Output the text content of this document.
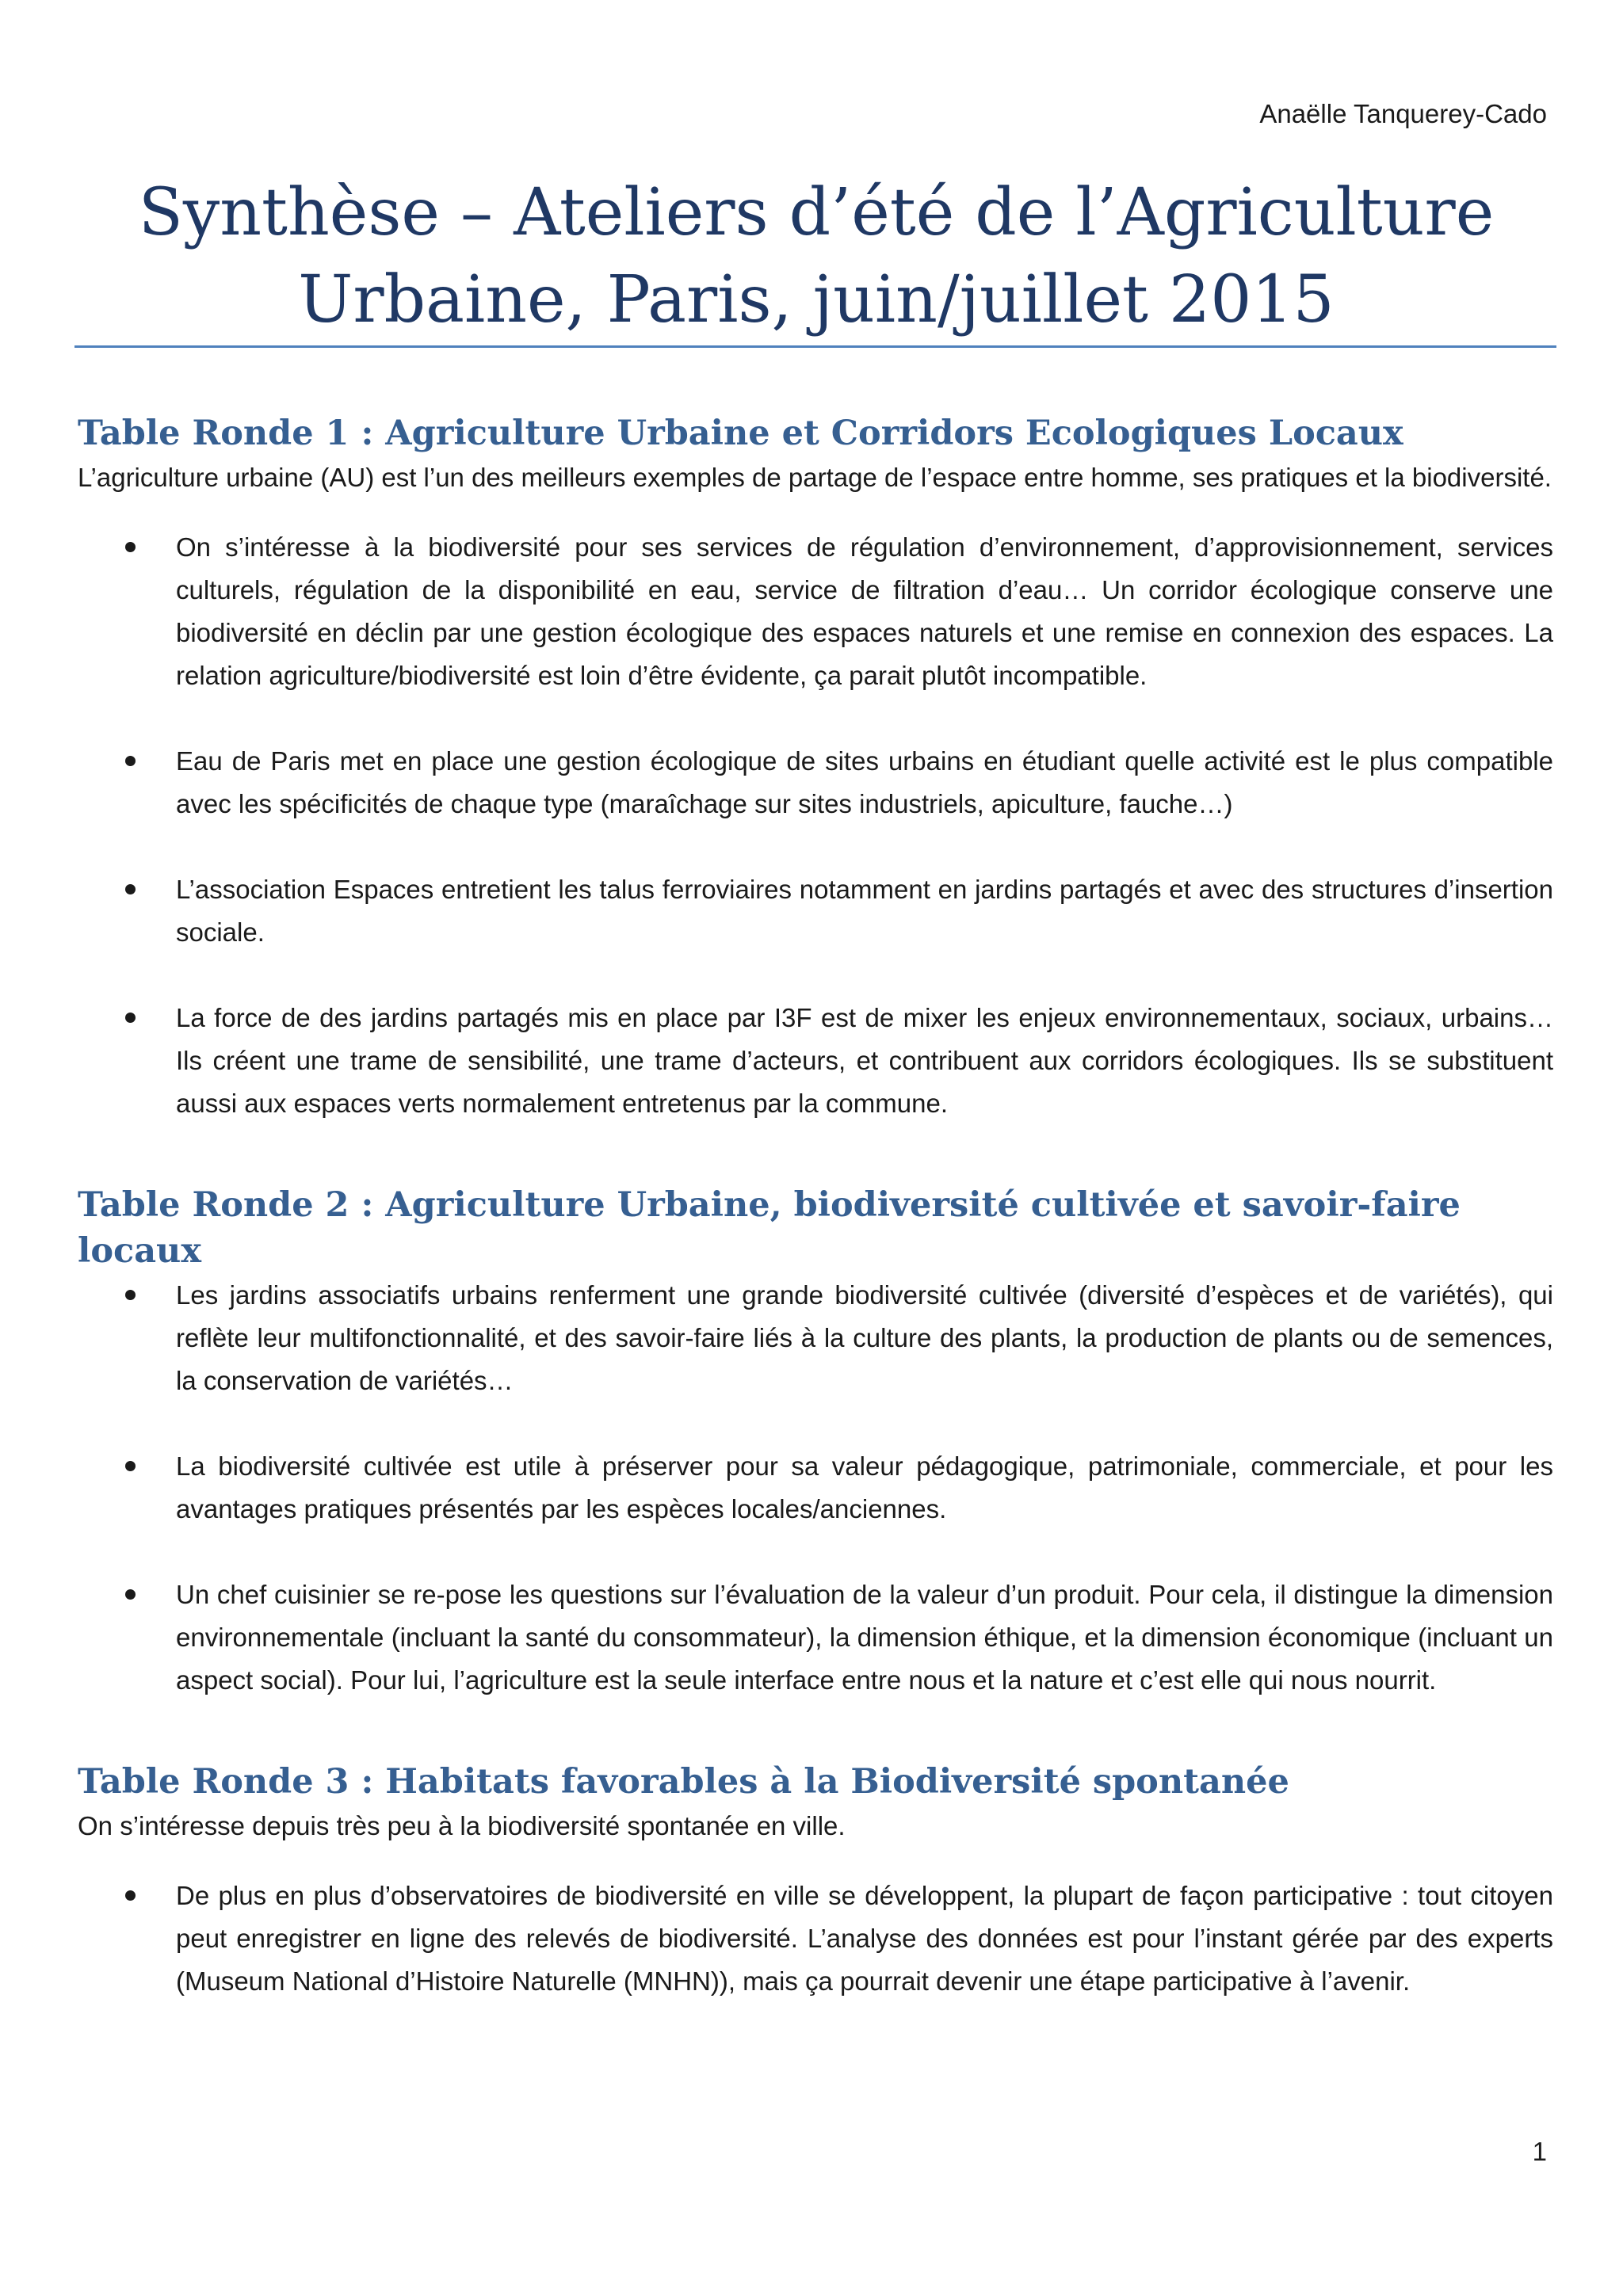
Anaëlle Tanquerey-Cado
Synthèse – Ateliers d’été de l’Agriculture Urbaine, Paris, juin/juillet 2015
Table Ronde 1 : Agriculture Urbaine et Corridors Ecologiques Locaux

L’agriculture urbaine (AU) est l’un des meilleurs exemples de partage de l’espace entre homme, ses pratiques et la biodiversité.

On s’intéresse à la biodiversité pour ses services de régulation d’environnement, d’approvisionnement, services culturels, régulation de la disponibilité en eau, service de filtration d’eau… Un corridor écologique conserve une biodiversité en déclin par une gestion écologique des espaces naturels et une remise en connexion des espaces. La relation agriculture/biodiversité est loin d’être évidente, ça parait plutôt incompatible.
Eau de Paris met en place une gestion écologique de sites urbains en étudiant quelle activité est le plus compatible avec les spécificités de chaque type (maraîchage sur sites industriels, apiculture, fauche…)
L’association Espaces entretient les talus ferroviaires notamment en jardins partagés et avec des structures d’insertion sociale.
La force de des jardins partagés mis en place par I3F est de mixer les enjeux environnementaux, sociaux, urbains… Ils créent une trame de sensibilité, une trame d’acteurs, et contribuent aux corridors écologiques. Ils se substituent aussi aux espaces verts normalement entretenus par la commune.
Table Ronde 2 : Agriculture Urbaine, biodiversité cultivée et savoir-faire locaux
Les jardins associatifs urbains renferment une grande biodiversité cultivée (diversité d’espèces et de variétés), qui reflète leur multifonctionnalité, et des savoir-faire liés à la culture des plants, la production de plants ou de semences, la conservation de variétés…
La biodiversité cultivée est utile à préserver pour sa valeur pédagogique, patrimoniale, commerciale, et pour les avantages pratiques présentés par les espèces locales/anciennes.
Un chef cuisinier se re-pose les questions sur l’évaluation de la valeur d’un produit. Pour cela, il distingue la dimension environnementale (incluant la santé du consommateur), la dimension éthique, et la dimension économique (incluant un aspect social). Pour lui, l’agriculture est la seule interface entre nous et la nature et c’est elle qui nous nourrit.
Table Ronde 3 : Habitats favorables à la Biodiversité spontanée

On s’intéresse depuis très peu à la biodiversité spontanée en ville.

De plus en plus d’observatoires de biodiversité en ville se développent, la plupart de façon participative : tout citoyen peut enregistrer en ligne des relevés de biodiversité. L’analyse des données est pour l’instant gérée par des experts (Museum National d’Histoire Naturelle (MNHN)), mais ça pourrait devenir une étape participative à l’avenir.
1
